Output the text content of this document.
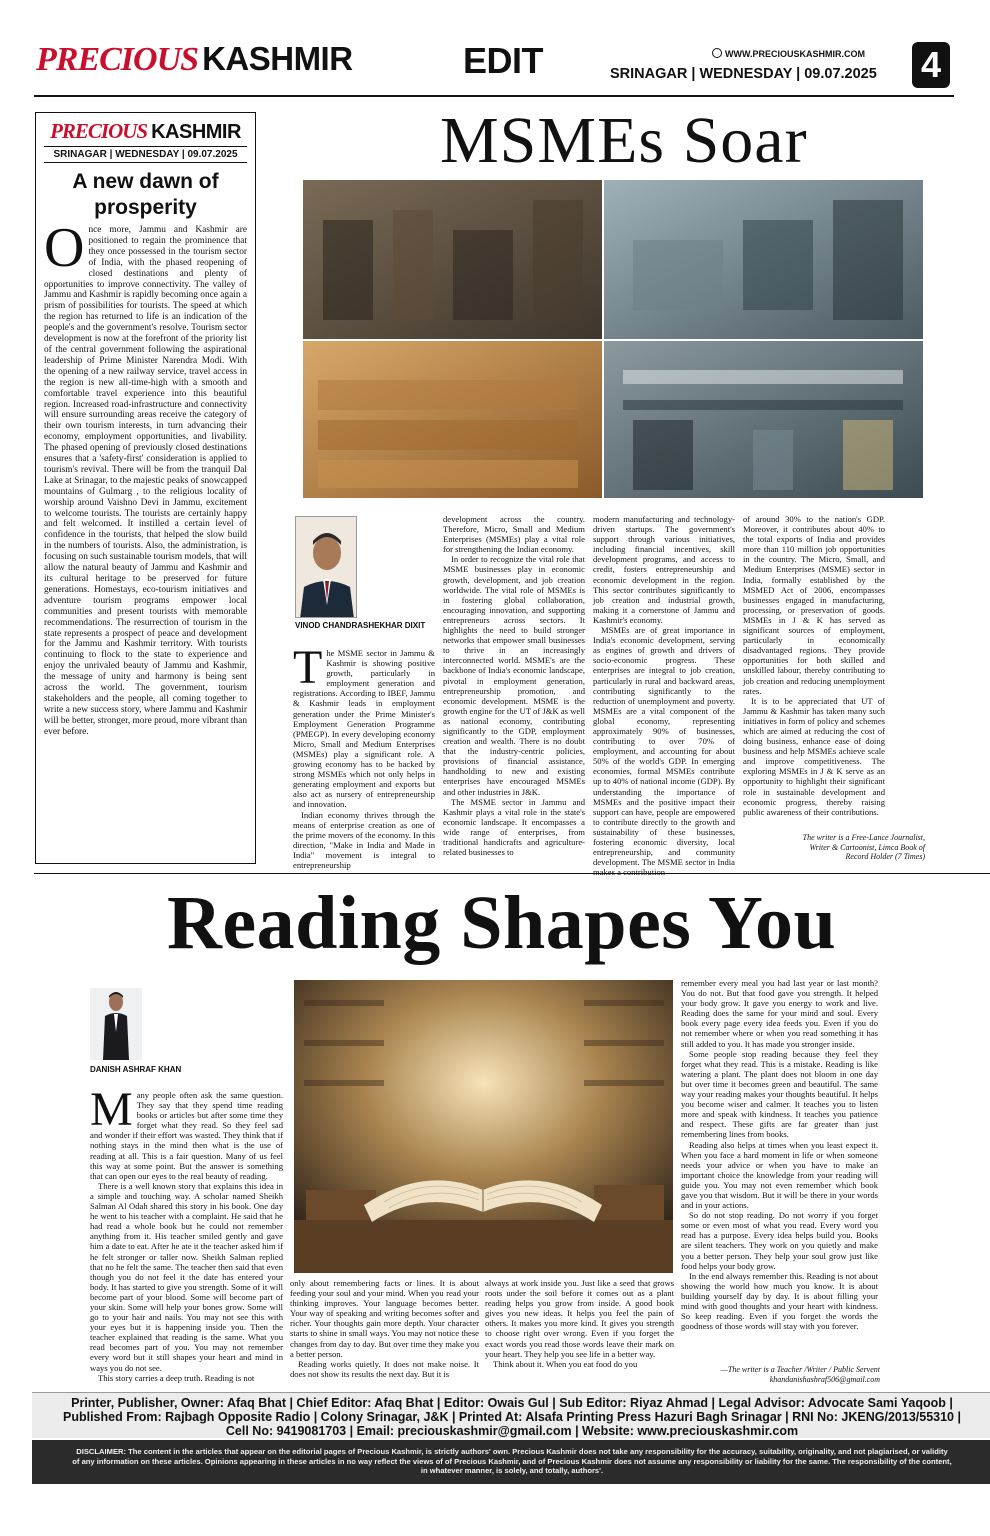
PRECIOUS KASHMIR	EDIT	WWW.PRECIOUSKASHMIR.COM
SRINAGAR | WEDNESDAY | 09.07.2025 4
PRECIOUS KASHMIR
SRINAGAR | WEDNESDAY | 09.07.2025
A new dawn of prosperity
O nce more, Jammu and Kashmir are positioned to regain the prominence that they once possessed in the tourism sector of India, with the phased reopening of closed destinations and plenty of opportunities to improve connectivity. The valley of Jammu and Kashmir is rapidly becoming once again a prism of possibilities for tourists. The speed at which the region has returned to life is an indication of the people's and the government's resolve. Tourism sector development is now at the forefront of the priority list of the central government following the aspirational leadership of Prime Minister Narendra Modi. With the opening of a new railway service, travel access in the region is new all-time-high with a smooth and comfortable travel experience into this beautiful region. Increased road-infrastructure and connectivity will ensure surrounding areas receive the category of their own tourism interests, in turn advancing their economy, employment opportunities, and livability. The phased opening of previously closed destinations ensures that a 'safety-first' consideration is applied to tourism's revival. There will be from the tranquil Dal Lake at Srinagar, to the majestic peaks of snowcapped mountains of Gulmarg , to the religious locality of worship around Vaishno Devi in Jammu, excitement to welcome tourists. The tourists are certainly happy and felt welcomed. It instilled a certain level of confidence in the tourists, that helped the slow build in the numbers of tourists. Also, the administration, is focusing on such sustainable tourism models, that will allow the natural beauty of Jammu and Kashmir and its cultural heritage to be preserved for future generations. Homestays, eco-tourism initiatives and adventure tourism programs empower local communities and present tourists with memorable recommendations. The resurrection of tourism in the state represents a prospect of peace and development for the Jammu and Kashmir territory. With tourists continuing to flock to the state to experience and enjoy the unrivaled beauty of Jammu and Kashmir, the message of unity and harmony is being sent across the world. The government, tourism stakeholders and the people, all coming together to write a new success story, where Jammu and Kashmir will be better, stronger, more proud, more vibrant than ever before.
MSMEs Soar
VINOD CHANDRASHEKHAR DIXIT

The MSME sector in Jammu & Kashmir is showing positive growth, particularly in employment generation and registrations. According to IBEF, Jammu & Kashmir leads in employment generation under the Prime Minister's Employment Generation Programme (PMEGP). In every developing economy Micro, Small and Medium Enterprises (MSMEs) play a significant role. A growing economy has to be backed by strong MSMEs which not only helps in generating employment and exports but also act as nursery of entrepreneurship and innovation.

Indian economy thrives through the means of enterprise creation as one of the prime movers of the economy. In this direction, "Make in India and Made in India" movement is integral to entrepreneurship

development across the country. Therefore, Micro, Small and Medium Enterprises (MSMEs) play a vital role for strengthening the Indian economy.

In order to recognize the vital role that MSME businesses play in economic growth, development, and job creation worldwide. The vital role of MSMEs is in fostering global collaboration, encouraging innovation, and supporting entrepreneurs across sectors. It highlights the need to build stronger networks that empower small businesses to thrive in an increasingly interconnected world. MSME's are the backbone of India's economic landscape, pivotal in employment generation, entrepreneurship promotion, and economic development. MSME is the growth engine for the UT of J&K as well as national economy, contributing significantly to the GDP, employment creation and wealth. There is no doubt that the industry-centric policies, provisions of financial assistance, handholding to new and existing enterprises have encouraged MSMEs and other industries in J&K.

The MSME sector in Jammu and Kashmir plays a vital role in the state's economic landscape. It encompasses a wide range of enterprises, from traditional handicrafts and agriculture-related businesses to

modern manufacturing and technology-driven startups. The government's support through various initiatives, including financial incentives, skill development programs, and access to credit, fosters entrepreneurship and economic development in the region. This sector contributes significantly to job creation and industrial growth, making it a cornerstone of Jammu and Kashmir's economy.

MSMEs are of great importance in India's economic development, serving as engines of growth and drivers of socio-economic progress. These enterprises are integral to job creation, particularly in rural and backward areas, contributing significantly to the reduction of unemployment and poverty. MSMEs are a vital component of the global economy, representing approximately 90% of businesses, contributing to over 70% of employment, and accounting for about 50% of the world's GDP. In emerging economies, formal MSMEs contribute up to 40% of national income (GDP). By understanding the importance of MSMEs and the positive impact their support can have, people are empowered to contribute directly to the growth and sustainability of these businesses, fostering economic diversity, local entrepreneurship, and community development. The MSME sector in India

of around 30% to the nation's GDP. Moreover, it contributes about 40% to the total exports of India and provides more than 110 million job opportunities in the country. The Micro, Small, and Medium Enterprises (MSME) sector in India, formally established by the MSMED Act of 2006, encompasses businesses engaged in manufacturing, processing, or preservation of goods. MSMEs in J & K has served as significant sources of employment, particularly in economically disadvantaged regions. They provide opportunities for both skilled and unskilled labour, thereby contributing to job creation and reducing unemployment rates.

It is to be appreciated that UT of Jammu & Kashmir has taken many such initiatives in form of policy and schemes which are aimed at reducing the cost of doing business, enhance ease of doing business and help MSMEs achieve scale and improve competitiveness. The exploring MSMEs in J & K serve as an opportunity to highlight their significant role in sustainable development and economic progress, thereby raising public awareness of their contributions.

The writer is a Free-Lance Journalist, Writer & Cartoonist, Limca Book of Record Holder (7 Times)
Reading Shapes You
DANISH ASHRAF KHAN

Many people often ask the same question. They say that they spend time reading books or articles but after some time they forget what they read. So they feel sad and wonder if their effort was wasted. They think that if nothing stays in the mind then what is the use of reading at all. This is a fair question. Many of us feel this way at some point. But the answer is something that can open our eyes to the real beauty of reading.

There is a well known story that explains this idea in a simple and touching way. A scholar named Sheikh Salman Al Odah shared this story in his book. One day he went to his teacher with a complaint. He said that he had read a whole book but he could not remember anything from it. His teacher smiled gently and gave him a date to eat. After he ate it the teacher asked him if he felt stronger or taller now. Sheikh Salman replied that no he felt the same. The teacher then said that even though you do not feel it the date has entered your body. It has started to give you strength. Some of it will become part of your blood. Some will become part of your skin. Some will help your bones grow. Some will go to your hair and nails. You may not see this with your eyes but it is happening inside you. Then the teacher explained that reading is the same. What you read becomes part of you. You may not remember every word but it still shapes your heart and mind in ways you do not see.

This story carries a deep truth. Reading is not

only about remembering facts or lines. It is about feeding your soul and your mind. When you read your thinking improves. Your language becomes better. Your way of speaking and writing becomes softer and richer. Your thoughts gain more depth. Your character starts to shine in small ways. You may not notice these changes from day to day. But over time they make you a better person.

Reading works quietly. It does not make noise. It does not show its results the next day. But it is

always at work inside you. Just like a seed that grows roots under the soil before it comes out as a plant reading helps you grow from inside. A good book gives you new ideas. It helps you feel the pain of others. It makes you more kind. It gives you strength to choose right over wrong. Even if you forget the exact words you read those words leave their mark on your heart. They help you see life in a better way.

Think about it. When you eat food do you

remember every meal you had last year or last month? You do not. But that food gave you strength. It helped your body grow. It gave you energy to work and live. Reading does the same for your mind and soul. Every book every page every idea feeds you. Even if you do not remember where or when you read something it has still added to you. It has made you stronger inside.

Some people stop reading because they feel they forget what they read. This is a mistake. Reading is like watering a plant. The plant does not bloom in one day but over time it becomes green and beautiful. The same way your reading makes your thoughts beautiful. It helps you become wiser and calmer. It teaches you to listen more and speak with kindness. It teaches you patience and respect. These gifts are far greater than just remembering lines from books.

Reading also helps at times when you least expect it. When you face a hard moment in life or when someone needs your advice or when you have to make an important choice the knowledge from your reading will guide you. You may not even remember which book gave you that wisdom. But it will be there in your words and in your actions.

So do not stop reading. Do not worry if you forget some or even most of what you read. Every word you read has a purpose. Every idea helps build you. Books are silent teachers. They work on you quietly and make you a better person. They help your soul grow just like food helps your body grow.

In the end always remember this. Reading is not about showing the world how much you know. It is about building yourself day by day. It is about filling your mind with good thoughts and your heart with kindness. So keep reading. Even if you forget the words the goodness of those words will stay with you forever.

—The writer is a Teacher /Writer / Public Servent khandanishashraf506@gmail.com
Printer, Publisher, Owner: Afaq Bhat | Chief Editor: Afaq Bhat | Editor: Owais Gul | Sub Editor: Riyaz Ahmad | Legal Advisor: Advocate Sami Yaqoob |
Published From: Rajbagh Opposite Radio | Colony Srinagar, J&K | Printed At: Alsafa Printing Press Hazuri Bagh Srinagar | RNI No: JKENG/2013/55310 |
Cell No: 9419081703 | Email: preciouskashmir@gmail.com | Website: www.preciouskashmir.com
DISCLAIMER: The content in the articles that appear on the editorial pages of Precious Kashmir, is strictly authors' own. Precious Kashmir does not take any responsibility for the accuracy, suitability, originality, and not plagiarised, or validity of any information on these articles. Opinions appearing in these articles in no way reflect the views of of Precious Kashmir, and of Precious Kashmir does not assume any responsibility or liability for the same. The responsibility of the content, in whatever manner, is solely, and totally, authors'.
